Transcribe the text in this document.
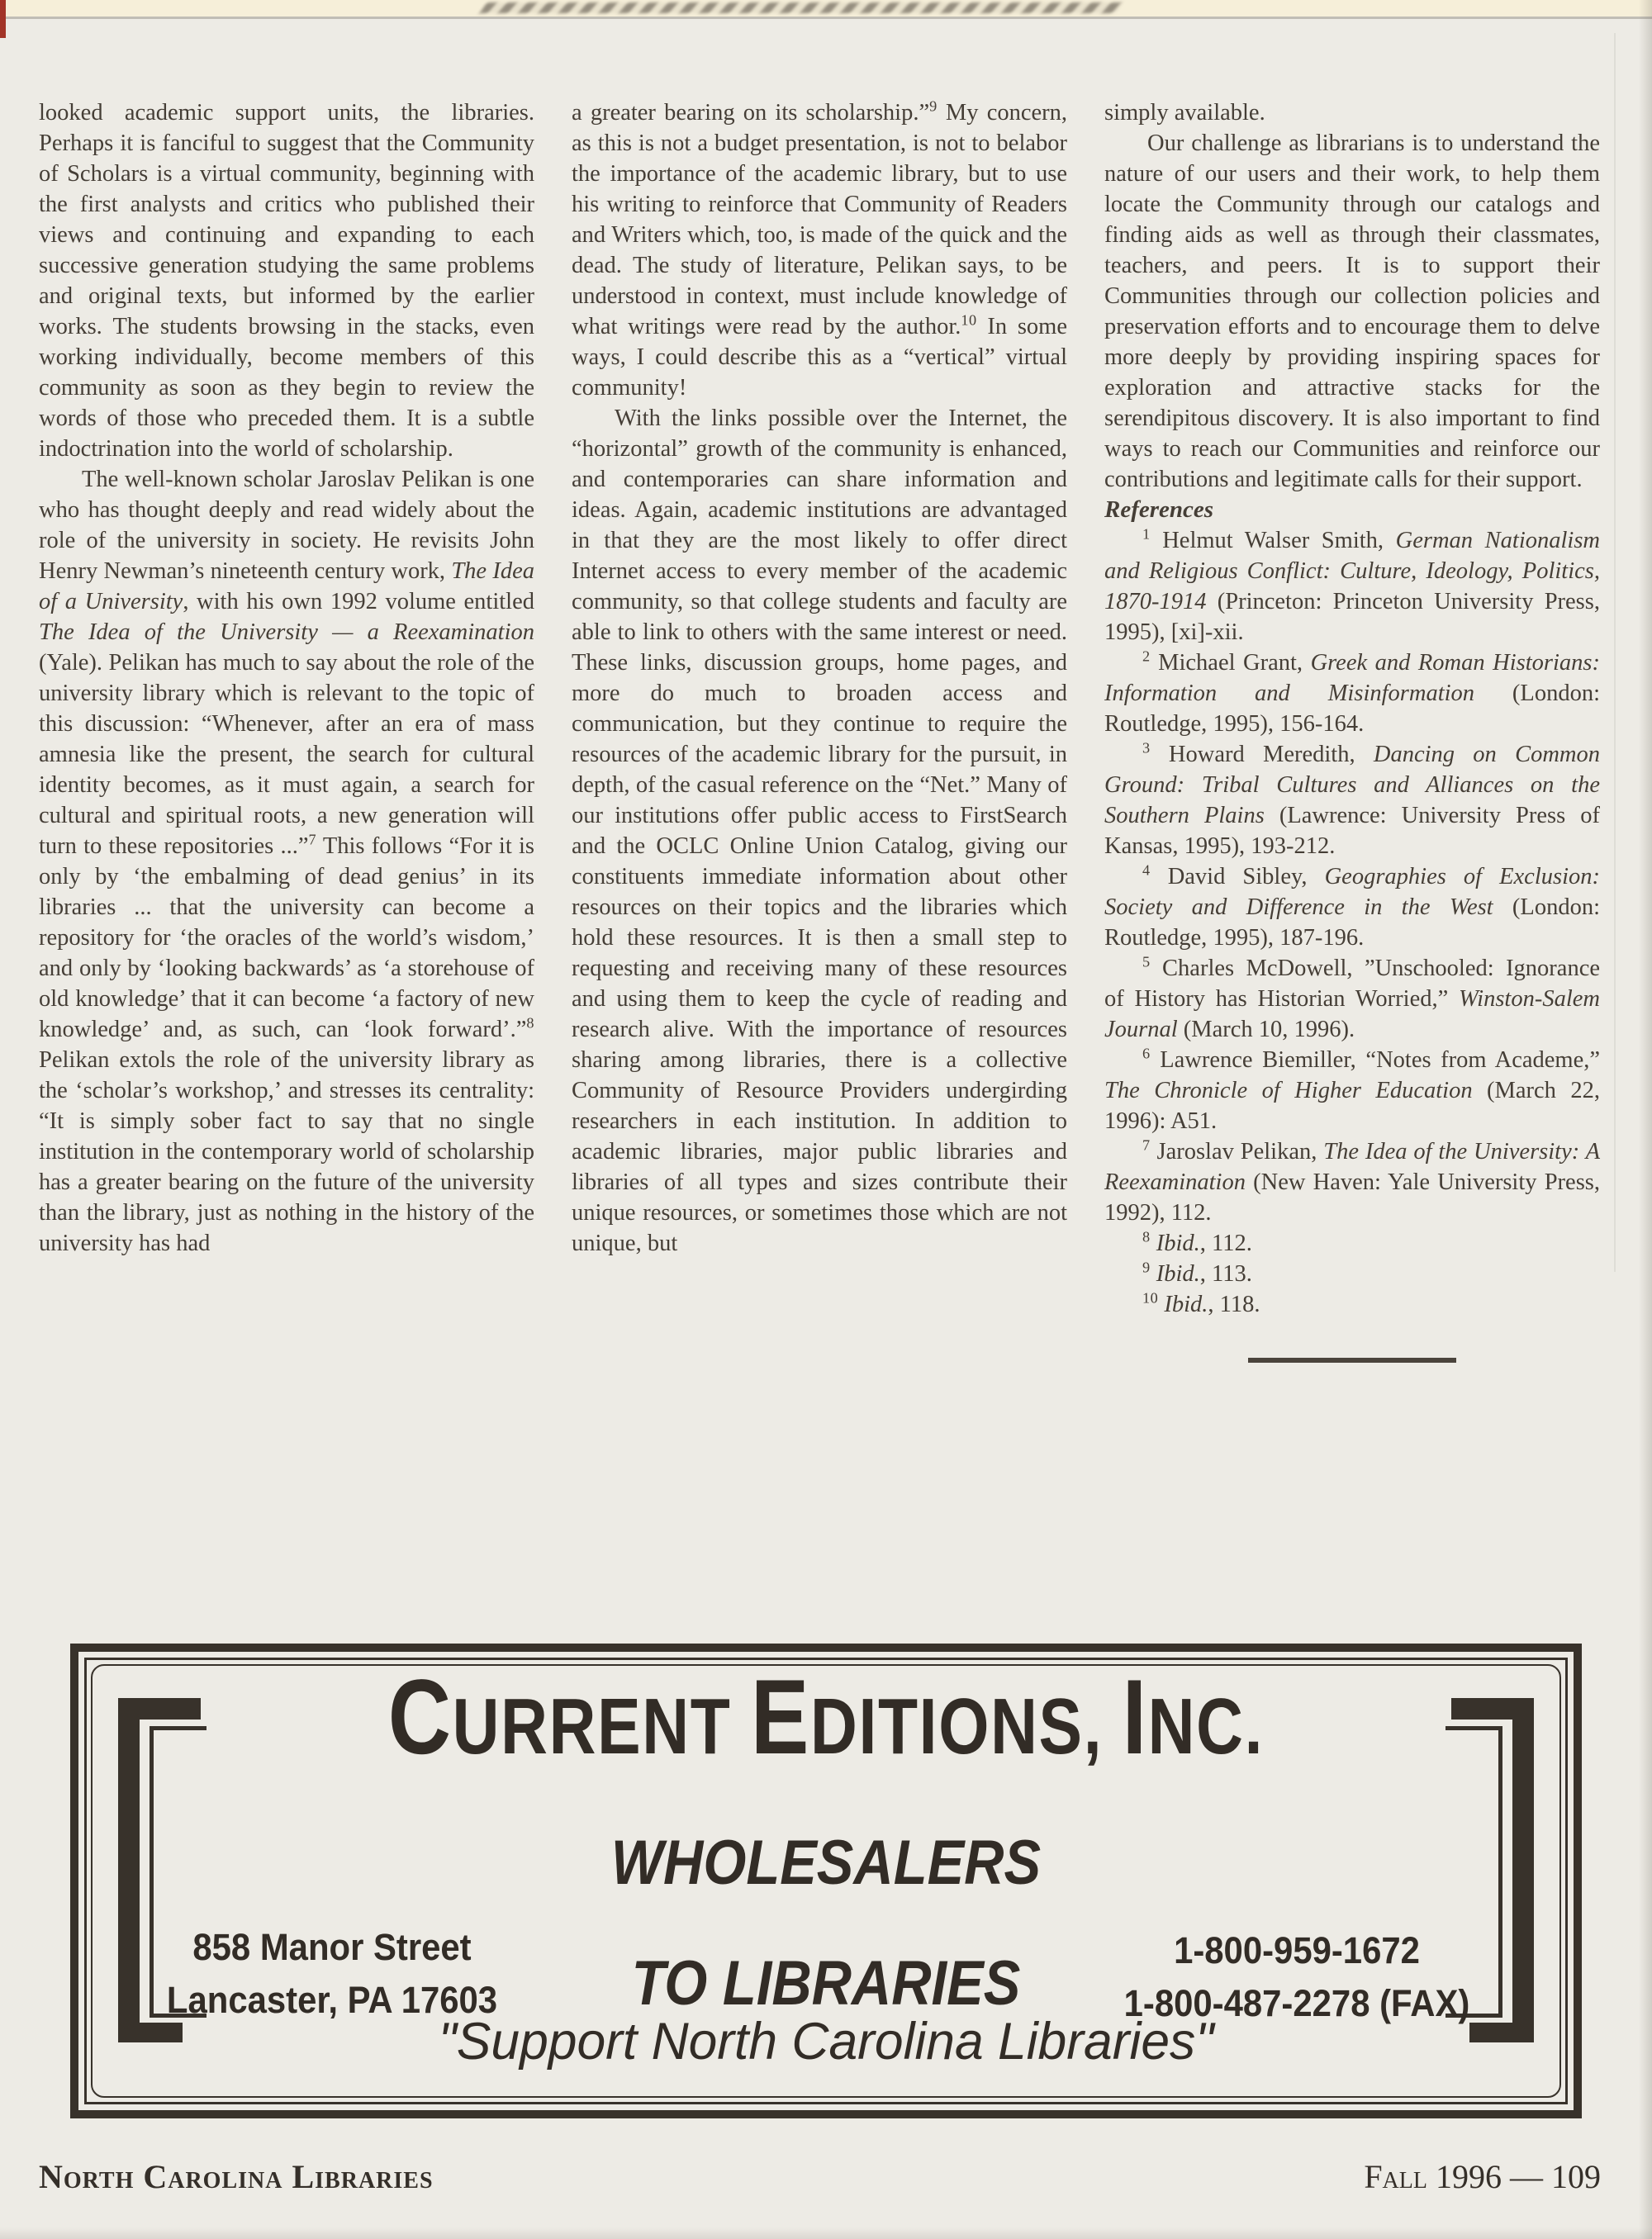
looked academic support units, the libraries. Perhaps it is fanciful to suggest that the Community of Scholars is a virtual community, beginning with the first analysts and critics who published their views and continuing and expanding to each successive generation studying the same problems and original texts, but informed by the earlier works. The students browsing in the stacks, even working individually, become members of this community as soon as they begin to review the words of those who preceded them. It is a subtle indoctrination into the world of scholarship.

The well-known scholar Jaroslav Pelikan is one who has thought deeply and read widely about the role of the university in society. He revisits John Henry Newman’s nineteenth century work, The Idea of a University, with his own 1992 volume entitled The Idea of the University — a Reexamination (Yale). Pelikan has much to say about the role of the university library which is relevant to the topic of this discussion: “Whenever, after an era of mass amnesia like the present, the search for cultural identity becomes, as it must again, a search for cultural and spiritual roots, a new generation will turn to these repositories ...”$^7$ This follows “For it is only by ‘the embalming of dead genius’ in its libraries ... that the university can become a repository for ‘the oracles of the world’s wisdom,’ and only by ‘looking backwards’ as ‘a storehouse of old knowledge’ that it can become ‘a factory of new knowledge’ and, as such, can ‘look forward’.”$^8$ Pelikan extols the role of the university library as the ‘scholar’s workshop,’ and stresses its centrality: “It is simply sober fact to say that no single institution in the contemporary world of scholarship has a greater bearing on the future of the university than the library, just as nothing in the history of the university has had

a greater bearing on its scholarship.”$^9$ My concern, as this is not a budget presentation, is not to belabor the importance of the academic library, but to use his writing to reinforce that Community of Readers and Writers which, too, is made of the quick and the dead. The study of literature, Pelikan says, to be understood in context, must include knowledge of what writings were read by the author.$^{10}$ In some ways, I could describe this as a “vertical” virtual community!

With the links possible over the Internet, the “horizontal” growth of the community is enhanced, and contemporaries can share information and ideas. Again, academic institutions are advantaged in that they are the most likely to offer direct Internet access to every member of the academic community, so that college students and faculty are able to link to others with the same interest or need. These links, discussion groups, home pages, and more do much to broaden access and communication, but they continue to require the resources of the academic library for the pursuit, in depth, of the casual reference on the “Net.” Many of our institutions offer public access to FirstSearch and the OCLC Online Union Catalog, giving our constituents immediate information about other resources on their topics and the libraries which hold these resources. It is then a small step to requesting and receiving many of these resources and using them to keep the cycle of reading and research alive. With the importance of resources sharing among libraries, there is a collective Community of Resource Providers undergirding researchers in each institution. In addition to academic libraries, major public libraries and libraries of all types and sizes contribute their unique resources, or sometimes those which are not unique, but

simply available.

Our challenge as librarians is to understand the nature of our users and their work, to help them locate the Community through our catalogs and finding aids as well as through their classmates, teachers, and peers. It is to support their Communities through our collection policies and preservation efforts and to encourage them to delve more deeply by providing inspiring spaces for exploration and attractive stacks for the serendipitous discovery. It is also important to find ways to reach our Communities and reinforce our contributions and legitimate calls for their support.

References

$^1$ Helmut Walser Smith, German Nationalism and Religious Conflict: Culture, Ideology, Politics, 1870-1914 (Princeton: Princeton University Press, 1995), [xi]-xii.

$^2$ Michael Grant, Greek and Roman Historians: Information and Misinformation (London: Routledge, 1995), 156-164.

$^3$ Howard Meredith, Dancing on Common Ground: Tribal Cultures and Alliances on the Southern Plains (Lawrence: University Press of Kansas, 1995), 193-212.

$^4$ David Sibley, Geographies of Exclusion: Society and Difference in the West (London: Routledge, 1995), 187-196.

$^5$ Charles McDowell, ”Unschooled: Ignorance of History has Historian Worried,” Winston-Salem Journal (March 10, 1996).

$^6$ Lawrence Biemiller, “Notes from Academe,” The Chronicle of Higher Education (March 22, 1996): A51.

$^7$ Jaroslav Pelikan, The Idea of the University: A Reexamination (New Haven: Yale University Press, 1992), 112.

$^8$ Ibid., 112.

$^9$ Ibid., 113.

$^{10}$ Ibid., 118.

CURRENT EDITIONS, INC.
WHOLESALERS
TO LIBRARIES
858 Manor Street
Lancaster, PA 17603
1-800-959-1672
1-800-487-2278 (FAX)
"Support North Carolina Libraries"
North Carolina Libraries	Fall 1996 — 109
